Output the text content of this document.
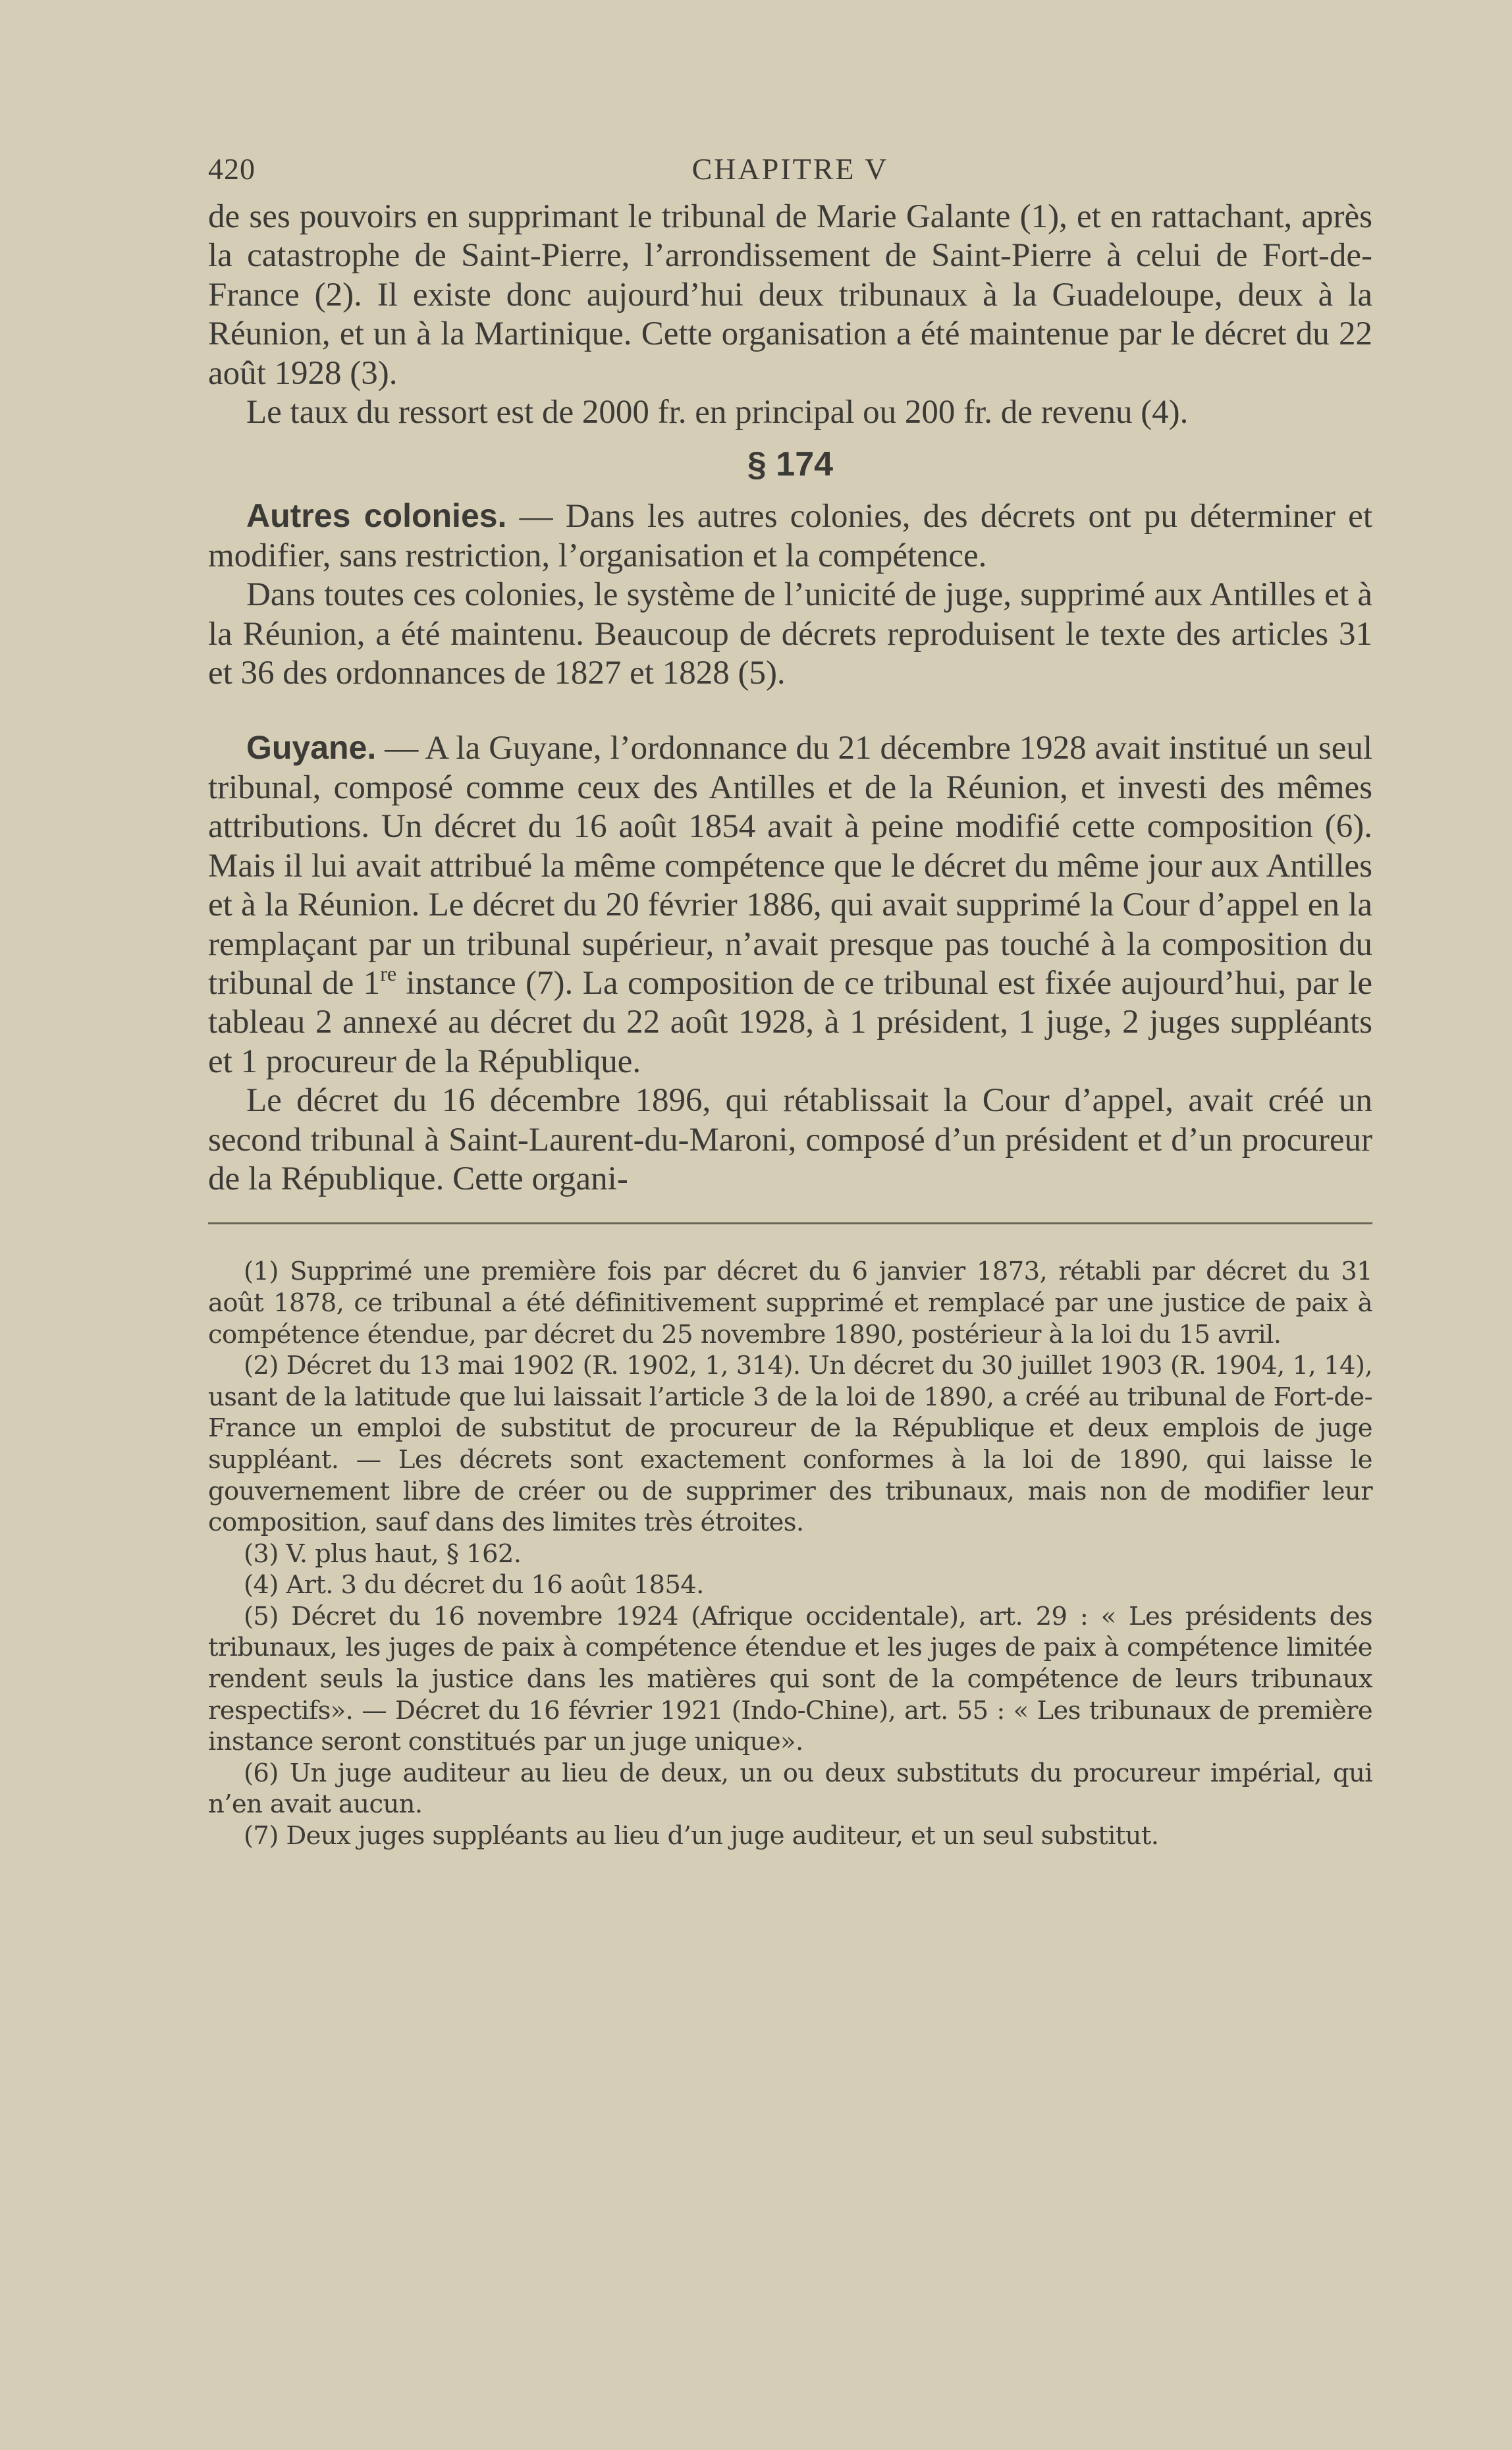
420	CHAPITRE V

de ses pouvoirs en supprimant le tribunal de Marie Galante (1), et en rattachant, après la catastrophe de Saint-Pierre, l’arrondissement de Saint-Pierre à celui de Fort-de-France (2). Il existe donc aujourd’hui deux tribunaux à la Guadeloupe, deux à la Réunion, et un à la Martinique. Cette organisation a été maintenue par le décret du 22 août 1928 (3).

Le taux du ressort est de 2000 fr. en principal ou 200 fr. de revenu (4).

§ 174

Autres colonies. — Dans les autres colonies, des décrets ont pu déterminer et modifier, sans restriction, l’organisation et la compétence.

Dans toutes ces colonies, le système de l’unicité de juge, supprimé aux Antilles et à la Réunion, a été maintenu. Beaucoup de décrets reproduisent le texte des articles 31 et 36 des ordonnances de 1827 et 1828 (5).

Guyane. — A la Guyane, l’ordonnance du 21 décembre 1928 avait institué un seul tribunal, composé comme ceux des Antilles et de la Réunion, et investi des mêmes attributions. Un décret du 16 août 1854 avait à peine modifié cette composition (6). Mais il lui avait attribué la même compétence que le décret du même jour aux Antilles et à la Réunion. Le décret du 20 février 1886, qui avait supprimé la Cour d’appel en la remplaçant par un tribunal supérieur, n’avait presque pas touché à la composition du tribunal de 1re instance (7). La composition de ce tribunal est fixée aujourd’hui, par le tableau 2 annexé au décret du 22 août 1928, à 1 président, 1 juge, 2 juges suppléants et 1 procureur de la République.

Le décret du 16 décembre 1896, qui rétablissait la Cour d’appel, avait créé un second tribunal à Saint-Laurent-du-Maroni, composé d’un président et d’un procureur de la République. Cette organi-

(1) Supprimé une première fois par décret du 6 janvier 1873, rétabli par décret du 31 août 1878, ce tribunal a été définitivement supprimé et remplacé par une justice de paix à compétence étendue, par décret du 25 novembre 1890, postérieur à la loi du 15 avril.

(2) Décret du 13 mai 1902 (R. 1902, 1, 314). Un décret du 30 juillet 1903 (R. 1904, 1, 14), usant de la latitude que lui laissait l’article 3 de la loi de 1890, a créé au tribunal de Fort-de-France un emploi de substitut de procureur de la République et deux emplois de juge suppléant. — Les décrets sont exactement conformes à la loi de 1890, qui laisse le gouvernement libre de créer ou de supprimer des tribunaux, mais non de modifier leur composition, sauf dans des limites très étroites.

(3) V. plus haut, § 162.

(4) Art. 3 du décret du 16 août 1854.

(5) Décret du 16 novembre 1924 (Afrique occidentale), art. 29 : « Les présidents des tribunaux, les juges de paix à compétence étendue et les juges de paix à compétence limitée rendent seuls la justice dans les matières qui sont de la compétence de leurs tribunaux respectifs». — Décret du 16 février 1921 (Indo-Chine), art. 55 : « Les tribunaux de première instance seront constitués par un juge unique».

(6) Un juge auditeur au lieu de deux, un ou deux substituts du procureur impérial, qui n’en avait aucun.

(7) Deux juges suppléants au lieu d’un juge auditeur, et un seul substitut.
